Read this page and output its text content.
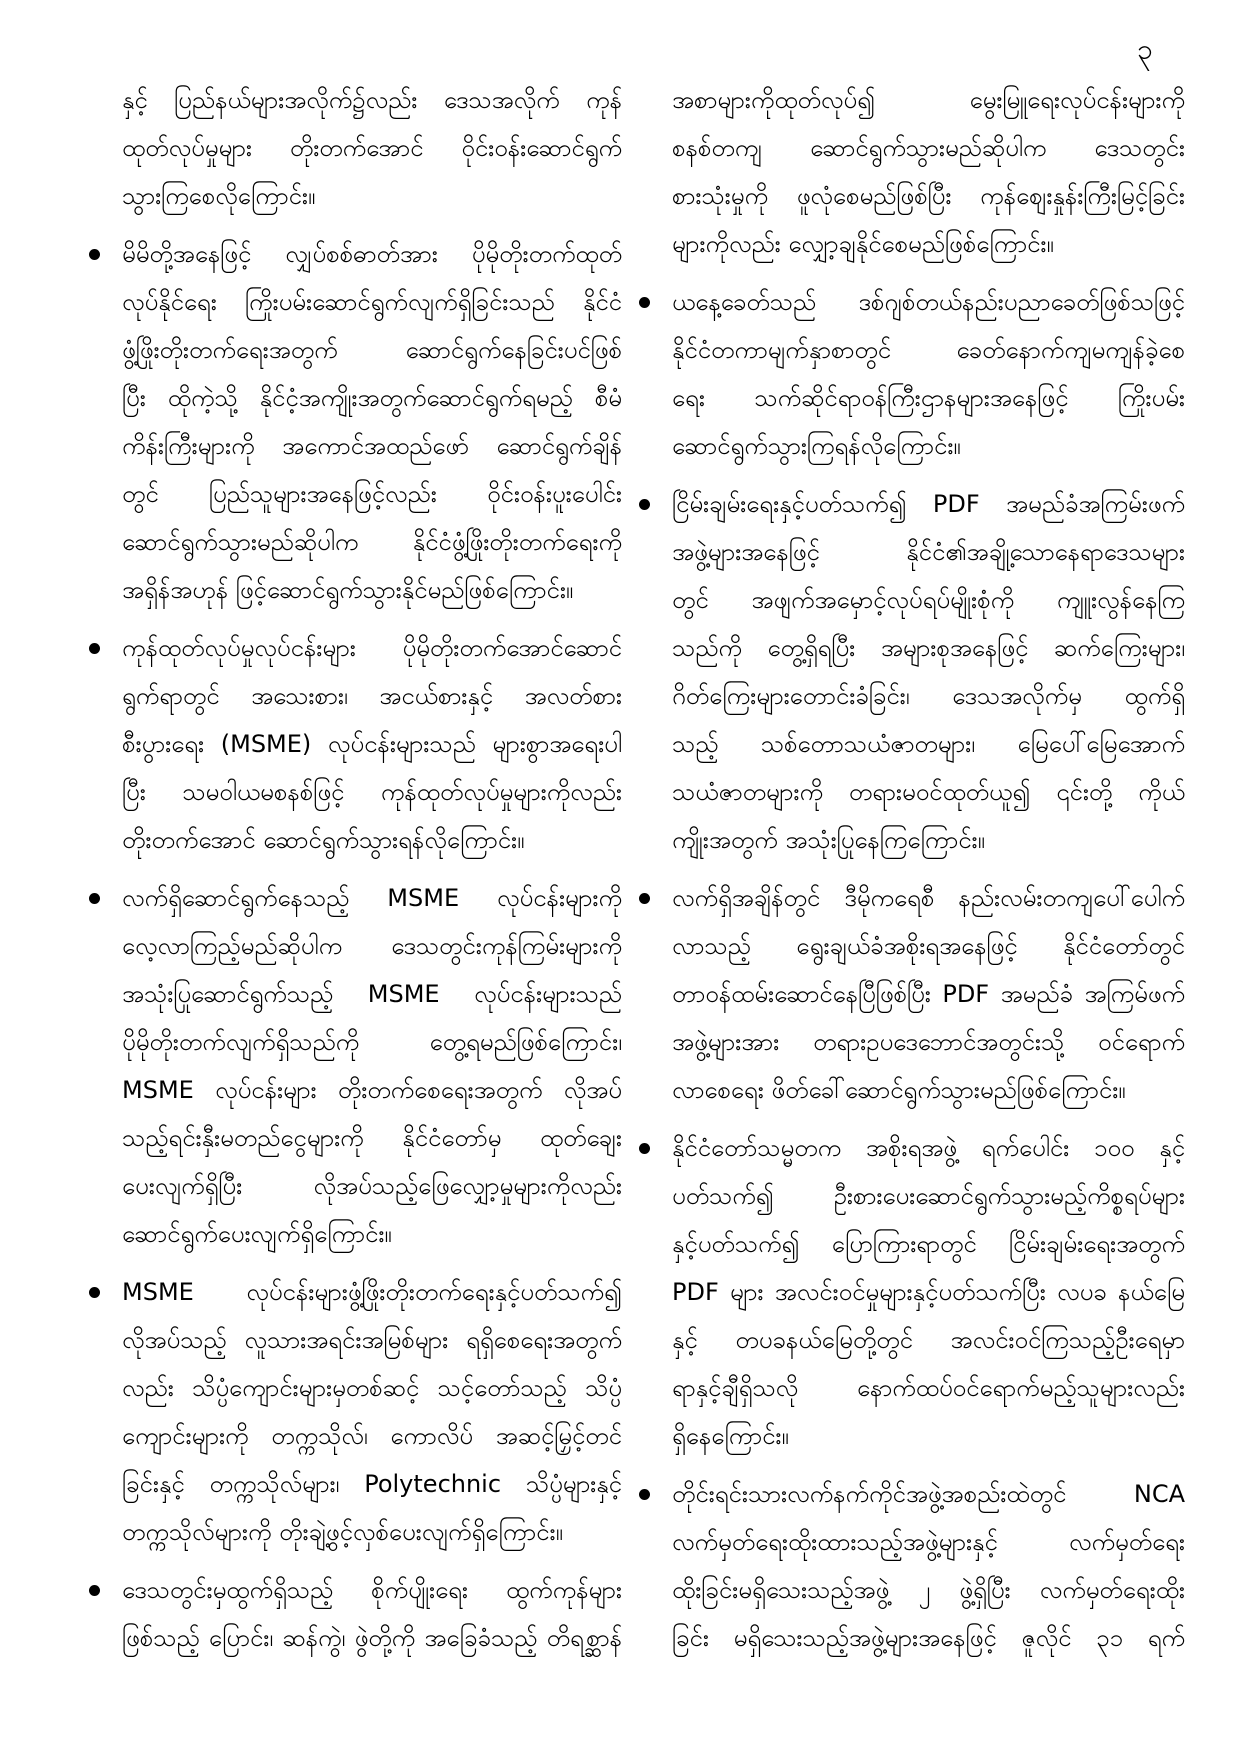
၃
နှင့် ပြည်နယ်များအလိုက်၌လည်း ဒေသအလိုက် ကုန်
ထုတ်လုပ်မှုများ တိုးတက်အောင် ဝိုင်းဝန်းဆောင်ရွက်
သွားကြစေလိုကြောင်း။
မိမိတို့အနေဖြင့် လျှပ်စစ်ဓာတ်အား ပိုမိုတိုးတက်ထုတ်
လုပ်နိုင်ရေး ကြိုးပမ်းဆောင်ရွက်လျက်ရှိခြင်းသည် နိုင်ငံ
ဖွံ့ဖြိုးတိုးတက်ရေးအတွက် ဆောင်ရွက်နေခြင်းပင်ဖြစ်
ပြီး ထိုကဲ့သို့ နိုင်ငံ့အကျိုးအတွက်ဆောင်ရွက်ရမည့် စီမံ
ကိန်းကြီးများကို အကောင်အထည်ဖော် ဆောင်ရွက်ချိန်
တွင် ပြည်သူများအနေဖြင့်လည်း ဝိုင်းဝန်းပူးပေါင်း
ဆောင်ရွက်သွားမည်ဆိုပါက နိုင်ငံဖွံ့ဖြိုးတိုးတက်ရေးကို
အရှိန်အဟုန် ဖြင့်ဆောင်ရွက်သွားနိုင်မည်ဖြစ်ကြောင်း။
ကုန်ထုတ်လုပ်မှုလုပ်ငန်းများ ပိုမိုတိုးတက်အောင်ဆောင်
ရွက်ရာတွင် အသေးစား၊ အငယ်စားနှင့် အလတ်စား
စီးပွားရေး (MSME) လုပ်ငန်းများသည် များစွာအရေးပါ
ပြီး သမဝါယမစနစ်ဖြင့် ကုန်ထုတ်လုပ်မှုများကိုလည်း
တိုးတက်အောင် ဆောင်ရွက်သွားရန်လိုကြောင်း။
လက်ရှိဆောင်ရွက်နေသည့် MSME လုပ်ငန်းများကို
လေ့လာကြည့်မည်ဆိုပါက ဒေသတွင်းကုန်ကြမ်းများကို
အသုံးပြုဆောင်ရွက်သည့် MSME လုပ်ငန်းများသည်
ပိုမိုတိုးတက်လျက်ရှိသည်ကို တွေ့ရမည်ဖြစ်ကြောင်း၊
MSME လုပ်ငန်းများ တိုးတက်စေရေးအတွက် လိုအပ်
သည့်ရင်းနှီးမတည်ငွေများကို နိုင်ငံတော်မှ ထုတ်ချေး
ပေးလျက်ရှိပြီး လိုအပ်သည့်ဖြေလျှော့မှုများကိုလည်း
ဆောင်ရွက်ပေးလျက်ရှိကြောင်း။
MSME လုပ်ငန်းများဖွံ့ဖြိုးတိုးတက်ရေးနှင့်ပတ်သက်၍
လိုအပ်သည့် လူသားအရင်းအမြစ်များ ရရှိစေရေးအတွက်
လည်း သိပ္ပံကျောင်းများမှတစ်ဆင့် သင့်တော်သည့် သိပ္ပံ
ကျောင်းများကို တက္ကသိုလ်၊ ကောလိပ် အဆင့်မြှင့်တင်
ခြင်းနှင့် တက္ကသိုလ်များ၊ Polytechnic သိပ္ပံများနှင့်
တက္ကသိုလ်များကို တိုးချဲ့ဖွင့်လှစ်ပေးလျက်ရှိကြောင်း။
ဒေသတွင်းမှထွက်ရှိသည့် စိုက်ပျိုးရေး ထွက်ကုန်များ
ဖြစ်သည့် ပြောင်း၊ ဆန်ကွဲ၊ ဖွဲတို့ကို အခြေခံသည့် တိရစ္ဆာန်
အစာများကိုထုတ်လုပ်၍ မွေးမြူရေးလုပ်ငန်းများကို
စနစ်တကျ ဆောင်ရွက်သွားမည်ဆိုပါက ဒေသတွင်း
စားသုံးမှုကို ဖူလုံစေမည်ဖြစ်ပြီး ကုန်စျေးနှုန်းကြီးမြင့်ခြင်း
များကိုလည်း လျှော့ချနိုင်စေမည်ဖြစ်ကြောင်း။
ယနေ့ခေတ်သည် ဒစ်ဂျစ်တယ်နည်းပညာခေတ်ဖြစ်သဖြင့်
နိုင်ငံတကာမျက်နှာစာတွင် ခေတ်နောက်ကျမကျန်ခဲ့စေ
ရေး သက်ဆိုင်ရာဝန်ကြီးဌာနများအနေဖြင့် ကြိုးပမ်း
ဆောင်ရွက်သွားကြရန်လိုကြောင်း။
ငြိမ်းချမ်းရေးနှင့်ပတ်သက်၍ PDF အမည်ခံအကြမ်းဖက်
အဖွဲ့များအနေဖြင့် နိုင်ငံ၏အချို့သောနေရာဒေသများ
တွင် အဖျက်အမှောင့်လုပ်ရပ်မျိုးစုံကို ကျူးလွန်နေကြ
သည်ကို တွေ့ရှိရပြီး အများစုအနေဖြင့် ဆက်ကြေးများ၊
ဂိတ်ကြေးများတောင်းခံခြင်း၊ ဒေသအလိုက်မှ ထွက်ရှိ
သည့် သစ်တောသယံဇာတများ၊ မြေပေါ်မြေအောက်
သယံဇာတများကို တရားမဝင်ထုတ်ယူ၍ ၎င်းတို့ ကိုယ်
ကျိုးအတွက် အသုံးပြုနေကြကြောင်း။
လက်ရှိအချိန်တွင် ဒီမိုကရေစီ နည်းလမ်းတကျပေါ်ပေါက်
လာသည့် ရွေးချယ်ခံအစိုးရအနေဖြင့် နိုင်ငံတော်တွင်
တာဝန်ထမ်းဆောင်နေပြီဖြစ်ပြီး PDF အမည်ခံ အကြမ်ဖက်
အဖွဲ့များအား တရားဥပဒေဘောင်အတွင်းသို့ ဝင်ရောက်
လာစေရေး ဖိတ်ခေါ်ဆောင်ရွက်သွားမည်ဖြစ်ကြောင်း။
နိုင်ငံတော်သမ္မတက အစိုးရအဖွဲ့ ရက်ပေါင်း ၁၀၀ နှင့်
ပတ်သက်၍ ဦးစားပေးဆောင်ရွက်သွားမည့်ကိစ္စရပ်များ
နှင့်ပတ်သက်၍ ပြောကြားရာတွင် ငြိမ်းချမ်းရေးအတွက်
PDF များ အလင်းဝင်မှုများနှင့်ပတ်သက်ပြီး လပခ နယ်မြေ
နှင့် တပခနယ်မြေတို့တွင် အလင်းဝင်ကြသည့်ဦးရေမှာ
ရာနှင့်ချီရှိသလို နောက်ထပ်ဝင်ရောက်မည့်သူများလည်း
ရှိနေကြောင်း။
တိုင်းရင်းသားလက်နက်ကိုင်အဖွဲ့အစည်းထဲတွင် NCA
လက်မှတ်ရေးထိုးထားသည့်အဖွဲ့များနှင့် လက်မှတ်ရေး
ထိုးခြင်းမရှိသေးသည့်အဖွဲ့ ၂ ဖွဲ့ရှိပြီး လက်မှတ်ရေးထိုး
ခြင်း မရှိသေးသည့်အဖွဲ့များအနေဖြင့် ဇူလိုင် ၃၁ ရက်
